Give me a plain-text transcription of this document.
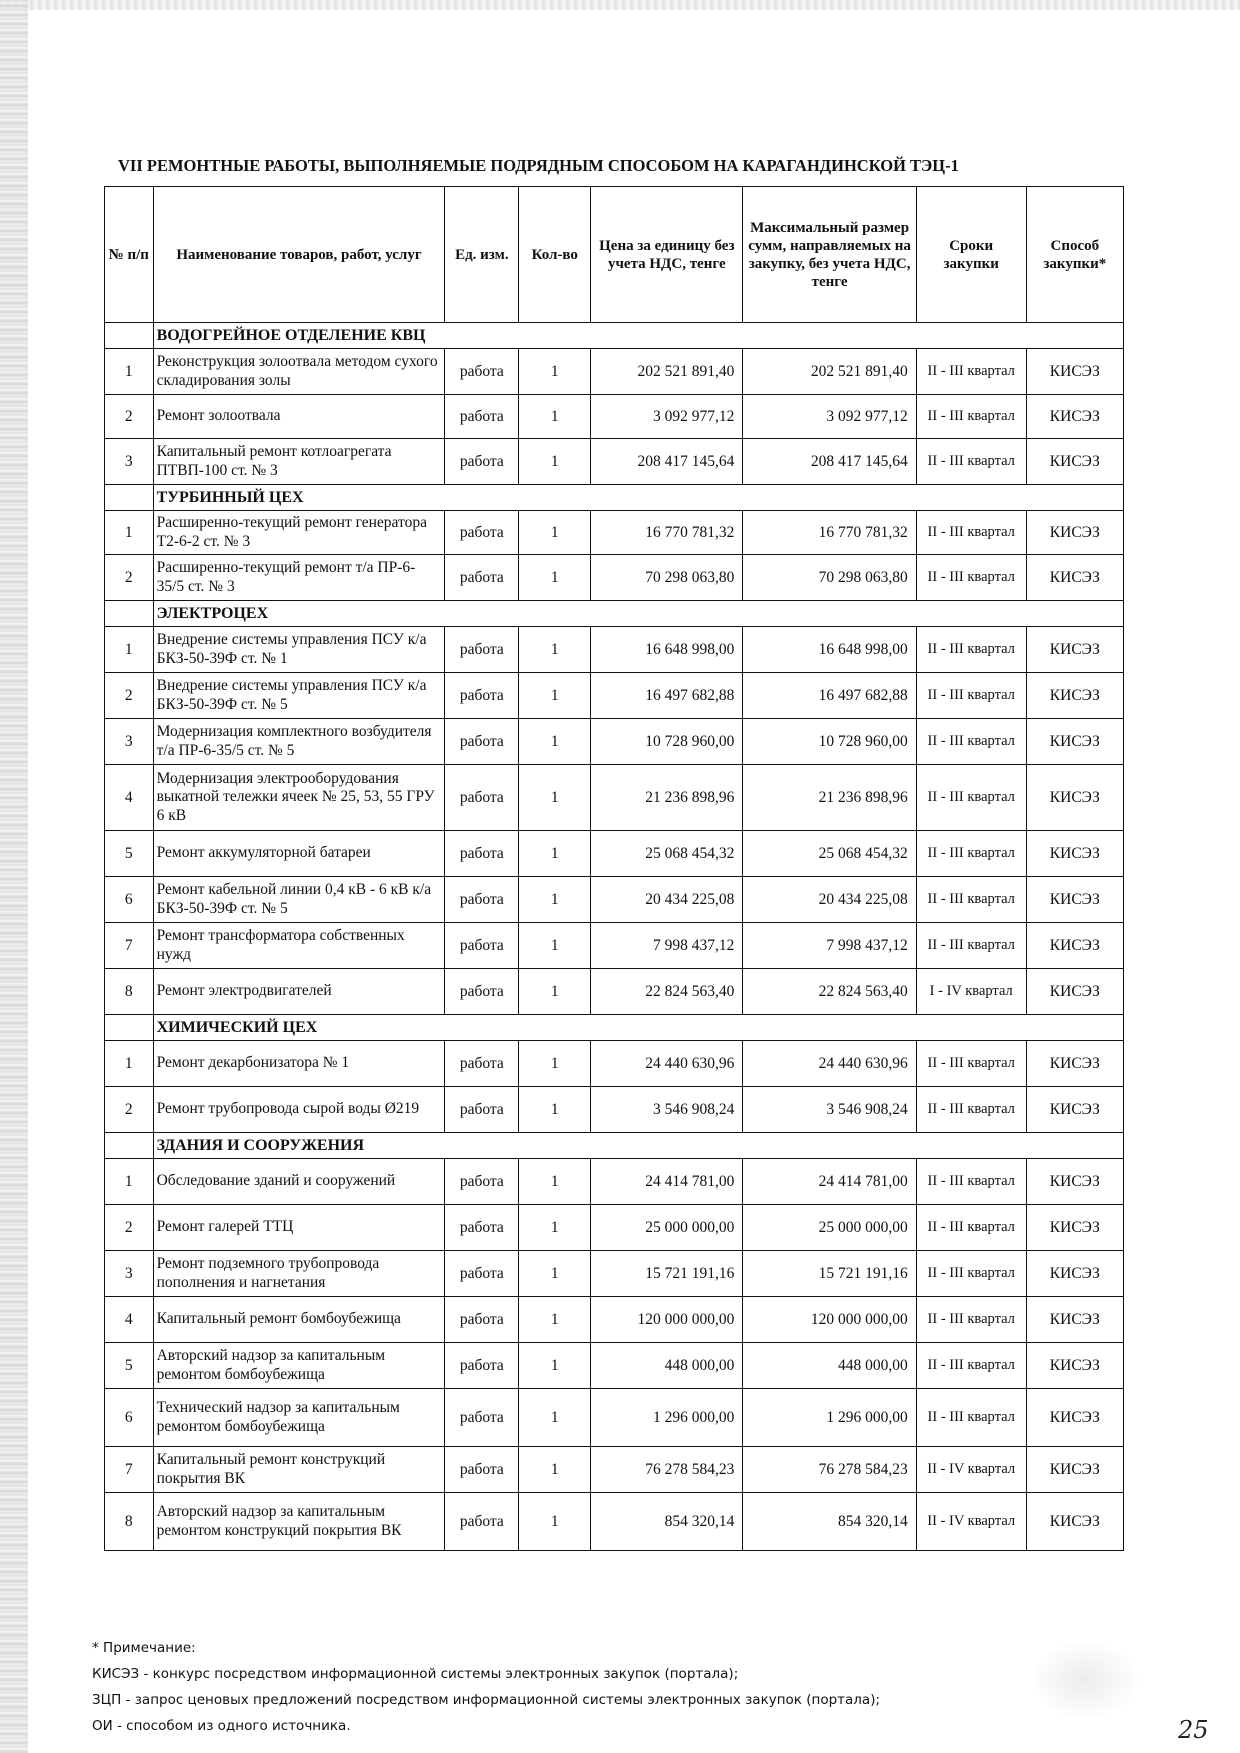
VII РЕМОНТНЫЕ РАБОТЫ, ВЫПОЛНЯЕМЫЕ ПОДРЯДНЫМ СПОСОБОМ НА КАРАГАНДИНСКОЙ ТЭЦ-1
№ п/п	Наименование товаров, работ, услуг	Ед. изм.	Кол-во	Цена за единицу без учета НДС, тенге	Максимальный размер сумм, направляемых на закупку, без учета НДС, тенге	Сроки закупки	Способ закупки*
	ВОДОГРЕЙНОЕ ОТДЕЛЕНИЕ КВЦ						
1	Реконструкция золоотвала методом сухого складирования золы	работа	1	202 521 891,40	202 521 891,40	II - III квартал	КИСЭЗ
2	Ремонт золоотвала	работа	1	3 092 977,12	3 092 977,12	II - III квартал	КИСЭЗ
3	Капитальный ремонт котлоагрегата ПТВП-100 ст. № 3	работа	1	208 417 145,64	208 417 145,64	II - III квартал	КИСЭЗ
	ТУРБИННЫЙ ЦЕХ						
1	Расширенно-текущий ремонт генератора Т2-6-2 ст. № 3	работа	1	16 770 781,32	16 770 781,32	II - III квартал	КИСЭЗ
2	Расширенно-текущий ремонт т/а ПР-6-35/5 ст. № 3	работа	1	70 298 063,80	70 298 063,80	II - III квартал	КИСЭЗ
	ЭЛЕКТРОЦЕХ						
1	Внедрение системы управления ПСУ к/а БКЗ-50-39Ф ст. № 1	работа	1	16 648 998,00	16 648 998,00	II - III квартал	КИСЭЗ
2	Внедрение системы управления ПСУ к/а БКЗ-50-39Ф ст. № 5	работа	1	16 497 682,88	16 497 682,88	II - III квартал	КИСЭЗ
3	Модернизация комплектного возбудителя т/а ПР-6-35/5 ст. № 5	работа	1	10 728 960,00	10 728 960,00	II - III квартал	КИСЭЗ
4	Модернизация электрооборудования выкатной тележки ячеек № 25, 53, 55 ГРУ 6 кВ	работа	1	21 236 898,96	21 236 898,96	II - III квартал	КИСЭЗ
5	Ремонт аккумуляторной батареи	работа	1	25 068 454,32	25 068 454,32	II - III квартал	КИСЭЗ
6	Ремонт кабельной линии 0,4 кВ - 6 кВ к/а БКЗ-50-39Ф ст. № 5	работа	1	20 434 225,08	20 434 225,08	II - III квартал	КИСЭЗ
7	Ремонт трансформатора собственных нужд	работа	1	7 998 437,12	7 998 437,12	II - III квартал	КИСЭЗ
8	Ремонт электродвигателей	работа	1	22 824 563,40	22 824 563,40	I - IV квартал	КИСЭЗ
	ХИМИЧЕСКИЙ ЦЕХ						
1	Ремонт декарбонизатора № 1	работа	1	24 440 630,96	24 440 630,96	II - III квартал	КИСЭЗ
2	Ремонт трубопровода сырой воды Ø219	работа	1	3 546 908,24	3 546 908,24	II - III квартал	КИСЭЗ
	ЗДАНИЯ И СООРУЖЕНИЯ						
1	Обследование зданий и сооружений	работа	1	24 414 781,00	24 414 781,00	II - III квартал	КИСЭЗ
2	Ремонт галерей ТТЦ	работа	1	25 000 000,00	25 000 000,00	II - III квартал	КИСЭЗ
3	Ремонт подземного трубопровода пополнения и нагнетания	работа	1	15 721 191,16	15 721 191,16	II - III квартал	КИСЭЗ
4	Капитальный ремонт бомбоубежища	работа	1	120 000 000,00	120 000 000,00	II - III квартал	КИСЭЗ
5	Авторский надзор за капитальным ремонтом бомбоубежища	работа	1	448 000,00	448 000,00	II - III квартал	КИСЭЗ
6	Технический надзор за капитальным ремонтом бомбоубежища	работа	1	1 296 000,00	1 296 000,00	II - III квартал	КИСЭЗ
7	Капитальный ремонт конструкций покрытия ВК	работа	1	76 278 584,23	76 278 584,23	II - IV квартал	КИСЭЗ
8	Авторский надзор за капитальным ремонтом конструкций покрытия ВК	работа	1	854 320,14	854 320,14	II - IV квартал	КИСЭЗ
* Примечание:
КИСЭЗ - конкурс посредством информационной системы электронных закупок (портала);
ЗЦП - запрос ценовых предложений посредством информационной системы электронных закупок (портала);
ОИ - способом из одного источника.	25
